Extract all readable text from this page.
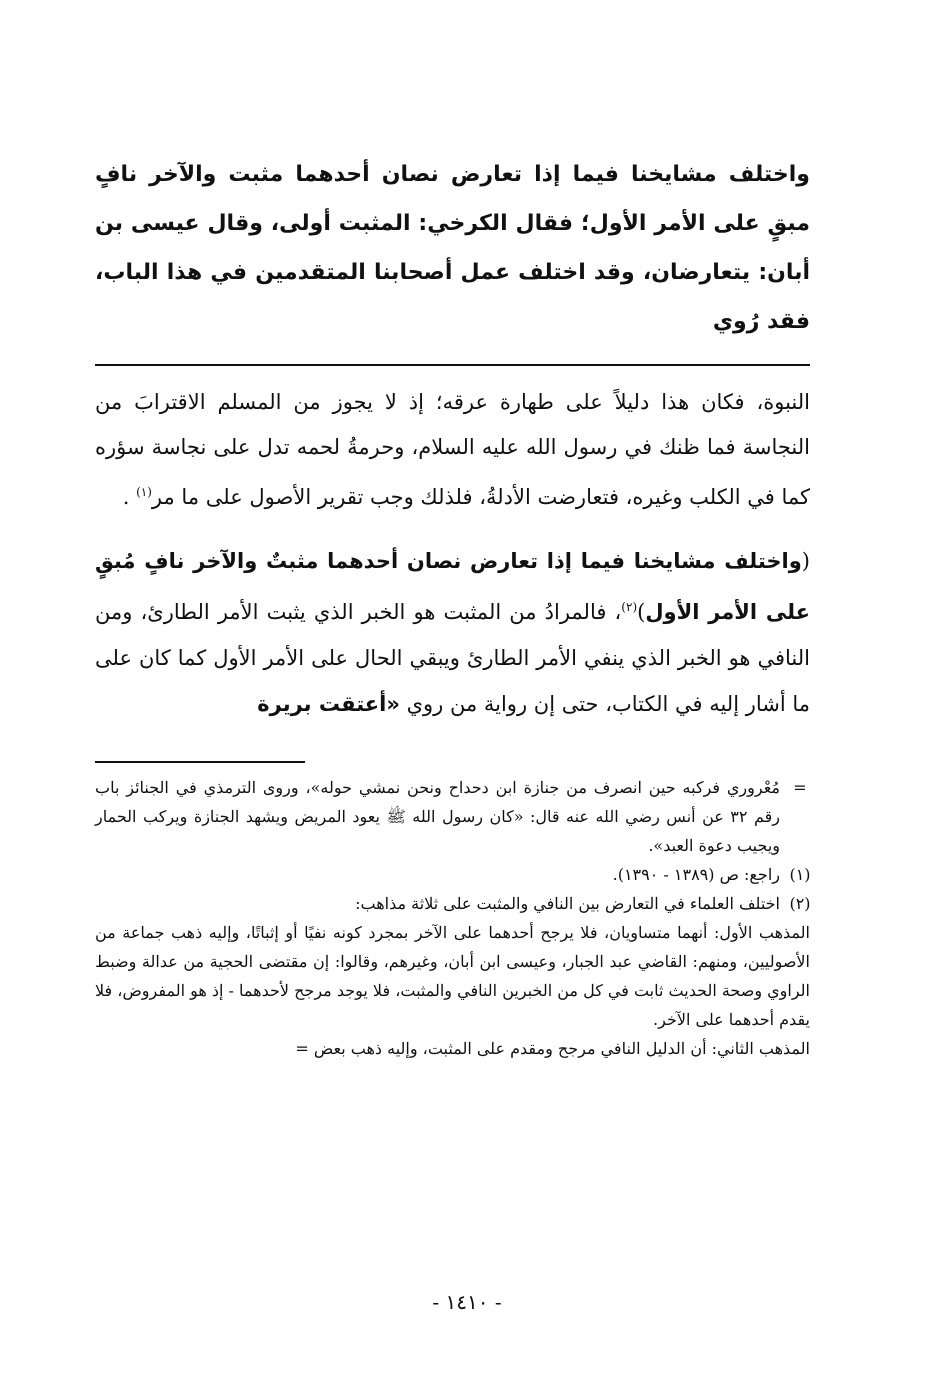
واختلف مشايخنا فيما إذا تعارض نصان أحدهما مثبت والآخر نافٍ مبقٍ على الأمر الأول؛ فقال الكرخي: المثبت أولى، وقال عيسى بن أبان: يتعارضان، وقد اختلف عمل أصحابنا المتقدمين في هذا الباب، فقد رُوي

النبوة، فكان هذا دليلاً على طهارة عرقه؛ إذ لا يجوز من المسلم الاقترابَ من النجاسة فما ظنك في رسول الله عليه السلام، وحرمةُ لحمه تدل على نجاسة سؤره كما في الكلب وغيره، فتعارضت الأدلةُ، فلذلك وجب تقرير الأصول على ما مر$^{(١)}$ .

(واختلف مشايخنا فيما إذا تعارض نصان أحدهما مثبتٌ والآخر نافٍ مُبقٍ على الأمر الأول)$^{(٢)}$، فالمرادُ من المثبت هو الخبر الذي يثبت الأمر الطارئ، ومن النافي هو الخبر الذي ينفي الأمر الطارئ ويبقي الحال على الأمر الأول كما كان على ما أشار إليه في الكتاب، حتى إن رواية من روي «أعتقت بريرة

=
مُعْروري فركبه حين انصرف من جنازة ابن دحداح ونحن نمشي حوله»، وروى الترمذي في الجنائز باب رقم ٣٢ عن أنس رضي الله عنه قال: «كان رسول الله ﷺ يعود المريض ويشهد الجنازة ويركب الحمار ويجيب دعوة العبد».

(١)
راجع: ص (١٣٨٩ - ١٣٩٠).

(٢)
اختلف العلماء في التعارض بين النافي والمثبت على ثلاثة مذاهب:

المذهب الأول: أنهما متساويان، فلا يرجح أحدهما على الآخر بمجرد كونه نفيًا أو إثباتًا، وإليه ذهب جماعة من الأصوليين، ومنهم: القاضي عبد الجبار، وعيسى ابن أبان، وغيرهم، وقالوا: إن مقتضى الحجية من عدالة وضبط الراوي وصحة الحديث ثابت في كل من الخبرين النافي والمثبت، فلا يوجد مرجح لأحدهما - إذ هو المفروض، فلا يقدم أحدهما على الآخر.

المذهب الثاني: أن الدليل النافي مرجح ومقدم على المثبت، وإليه ذهب بعض =

- ١٤١٠ -
